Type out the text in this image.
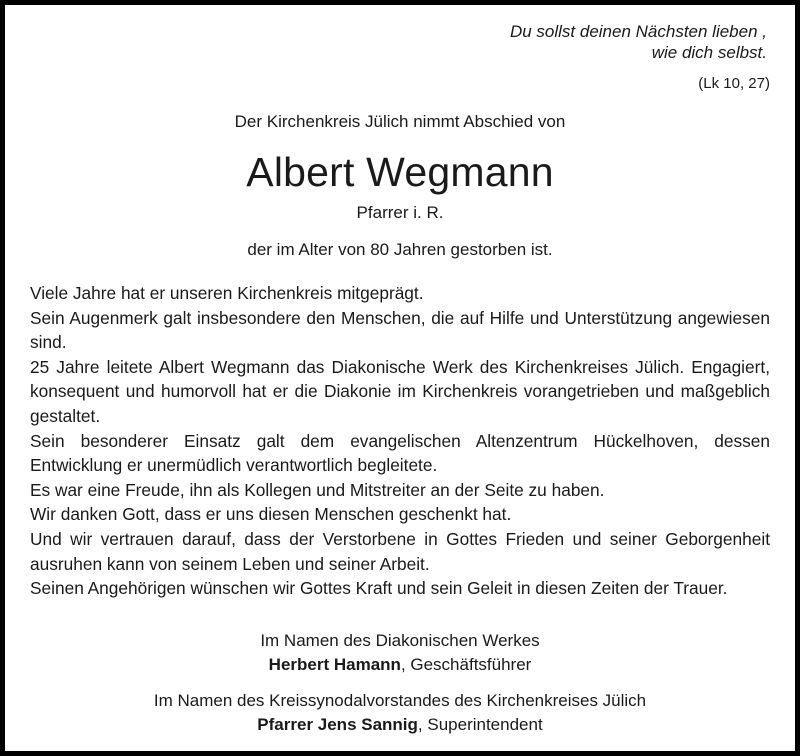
Du sollst deinen Nächsten lieben ,
wie dich selbst.
(Lk 10, 27)
Der Kirchenkreis Jülich nimmt Abschied von
Albert Wegmann
Pfarrer i. R.
der im Alter von 80 Jahren gestorben ist.

Viele Jahre hat er unseren Kirchenkreis mitgeprägt.

Sein Augenmerk galt insbesondere den Menschen, die auf Hilfe und Unterstützung angewiesen sind.

25 Jahre leitete Albert Wegmann das Diakonische Werk des Kirchenkreises Jülich. Engagiert, konsequent und humorvoll hat er die Diakonie im Kirchenkreis vorangetrieben und maßgeblich gestaltet.

Sein besonderer Einsatz galt dem evangelischen Altenzentrum Hückelhoven, dessen Entwicklung er unermüdlich verantwortlich begleitete.

Es war eine Freude, ihn als Kollegen und Mitstreiter an der Seite zu haben.

Wir danken Gott, dass er uns diesen Menschen geschenkt hat.

Und wir vertrauen darauf, dass der Verstorbene in Gottes Frieden und seiner Geborgenheit ausruhen kann von seinem Leben und seiner Arbeit.

Seinen Angehörigen wünschen wir Gottes Kraft und sein Geleit in diesen Zeiten der Trauer.

Im Namen des Diakonischen Werkes
Herbert Hamann, Geschäftsführer
Im Namen des Kreissynodalvorstandes des Kirchenkreises Jülich
Pfarrer Jens Sannig, Superintendent
